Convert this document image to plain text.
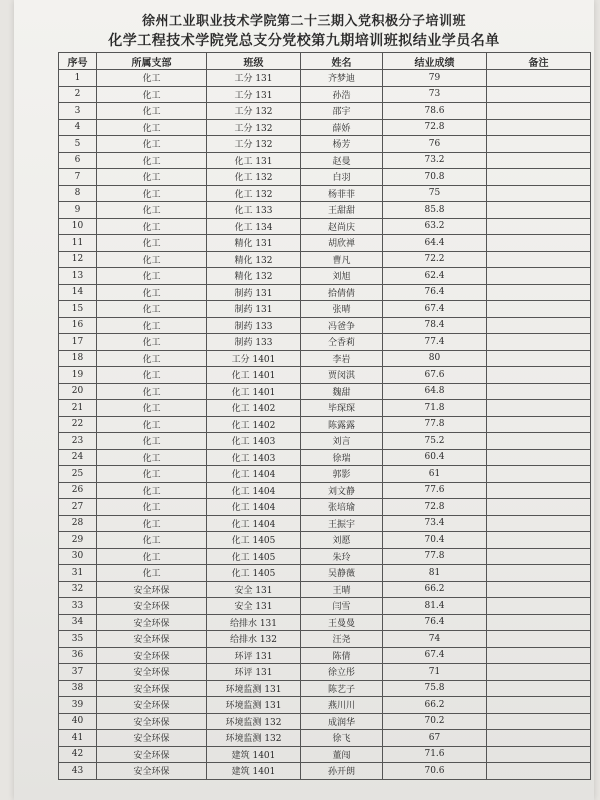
徐州工业职业技术学院第二十三期入党积极分子培训班
化学工程技术学院党总支分党校第九期培训班拟结业学员名单
序号	所属支部	班级	姓名	结业成绩	备注
1	化工	工分 131	齐梦迪	79	
2	化工	工分 131	孙浩	73	
3	化工	工分 132	邵宇	78.6	
4	化工	工分 132	薛娇	72.8	
5	化工	工分 132	杨芳	76	
6	化工	化工 131	赵曼	73.2	
7	化工	化工 132	白羽	70.8	
8	化工	化工 132	杨菲菲	75	
9	化工	化工 133	王甜甜	85.8	
10	化工	化工 134	赵尚庆	63.2	
11	化工	精化 131	胡欣禅	64.4	
12	化工	精化 132	曹凡	72.2	
13	化工	精化 132	刘旭	62.4	
14	化工	制药 131	拾倩倩	76.4	
15	化工	制药 131	张晴	67.4	
16	化工	制药 133	冯爸争	78.4	
17	化工	制药 133	仝香莉	77.4	
18	化工	工分 1401	李岩	80	
19	化工	化工 1401	贾闵淇	67.6	
20	化工	化工 1401	魏甜	64.8	
21	化工	化工 1402	毕琛琛	71.8	
22	化工	化工 1402	陈露露	77.8	
23	化工	化工 1403	刘言	75.2	
24	化工	化工 1403	徐瑞	60.4	
25	化工	化工 1404	郭影	61	
26	化工	化工 1404	刘文静	77.6	
27	化工	化工 1404	张培瑜	72.8	
28	化工	化工 1404	王振宇	73.4	
29	化工	化工 1405	刘愿	70.4	
30	化工	化工 1405	朱玲	77.8	
31	化工	化工 1405	吴静薇	81	
32	安全环保	安全 131	王晴	66.2	
33	安全环保	安全 131	闫雪	81.4	
34	安全环保	给排水 131	王曼曼	76.4	
35	安全环保	给排水 132	汪尧	74	
36	安全环保	环评 131	陈倩	67.4	
37	安全环保	环评 131	徐立彤	71	
38	安全环保	环境监测 131	陈艺子	75.8	
39	安全环保	环境监测 131	燕川川	66.2	
40	安全环保	环境监测 132	成润华	70.2	
41	安全环保	环境监测 132	徐飞	67	
42	安全环保	建筑 1401	董闯	71.6	
43	安全环保	建筑 1401	孙开朗	70.6	
